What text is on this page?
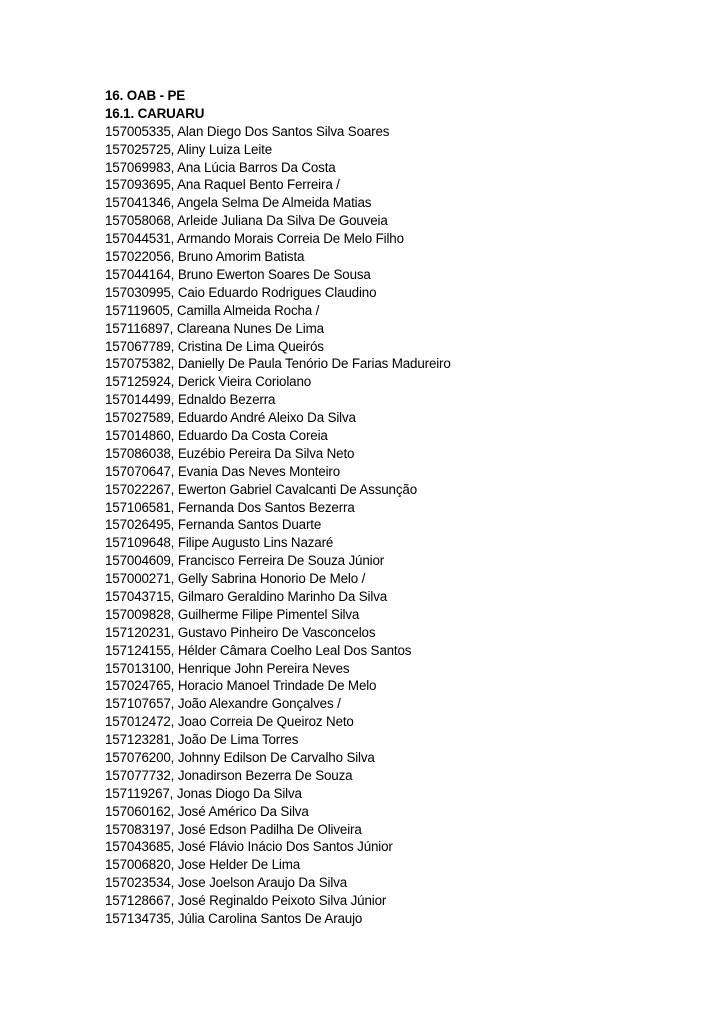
16. OAB - PE
16.1. CARUARU
157005335, Alan Diego Dos Santos Silva Soares
157025725, Aliny Luiza Leite
157069983, Ana Lúcia Barros Da Costa
157093695, Ana Raquel Bento Ferreira /
157041346, Angela Selma De Almeida Matias
157058068, Arleide Juliana Da Silva De Gouveia
157044531, Armando Morais Correia De Melo Filho
157022056, Bruno Amorim Batista
157044164, Bruno Ewerton Soares De Sousa
157030995, Caio Eduardo Rodrigues Claudino
157119605, Camilla Almeida Rocha /
157116897, Clareana Nunes De Lima
157067789, Cristina De Lima Queirós
157075382, Danielly De Paula Tenório De Farias Madureiro
157125924, Derick Vieira Coriolano
157014499, Ednaldo Bezerra
157027589, Eduardo André Aleixo Da Silva
157014860, Eduardo Da Costa Coreia
157086038, Euzébio Pereira Da Silva Neto
157070647, Evania Das Neves Monteiro
157022267, Ewerton Gabriel Cavalcanti De Assunção
157106581, Fernanda Dos Santos Bezerra
157026495, Fernanda Santos Duarte
157109648, Filipe Augusto Lins Nazaré
157004609, Francisco Ferreira De Souza Júnior
157000271, Gelly Sabrina Honorio De Melo /
157043715, Gilmaro Geraldino Marinho Da Silva
157009828, Guilherme Filipe Pimentel Silva
157120231, Gustavo Pinheiro De Vasconcelos
157124155, Hélder Câmara Coelho Leal Dos Santos
157013100, Henrique John Pereira Neves
157024765, Horacio Manoel Trindade De Melo
157107657, João Alexandre Gonçalves /
157012472, Joao Correia De Queiroz Neto
157123281, João De Lima Torres
157076200, Johnny Edilson De Carvalho Silva
157077732, Jonadirson Bezerra De Souza
157119267, Jonas Diogo Da Silva
157060162, José Américo Da Silva
157083197, José Edson Padilha De Oliveira
157043685, José Flávio Inácio Dos Santos Júnior
157006820, Jose Helder De Lima
157023534, Jose Joelson Araujo Da Silva
157128667, José Reginaldo Peixoto Silva Júnior
157134735, Júlia Carolina Santos De Araujo
